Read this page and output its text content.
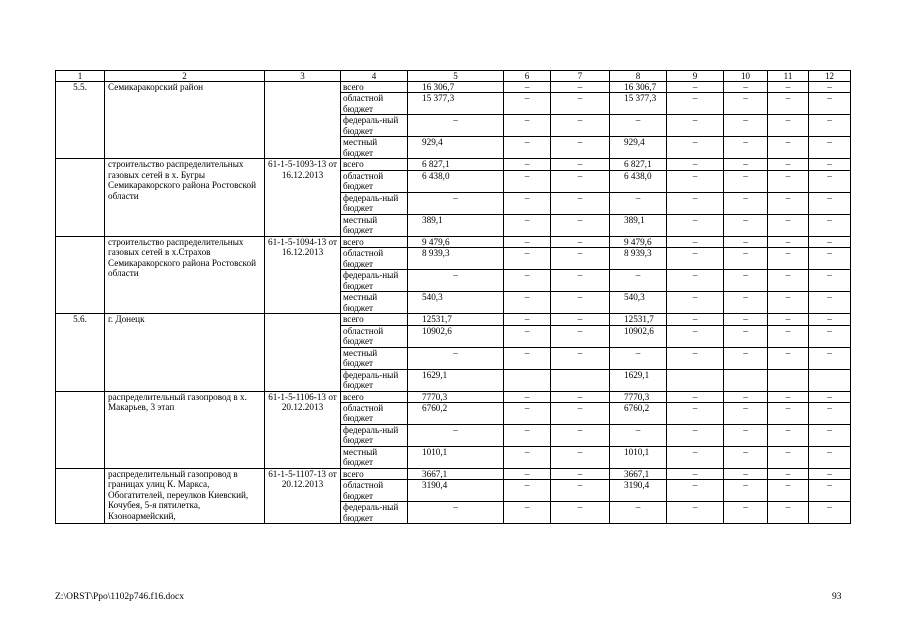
1	2	3	4	5	6	7	8	9	10	11	12
5.5.	Семикаракорский район		всего	16 306,7	–	–	16 306,7	–	–	–	–
			областной бюджет	15 377,3	–	–	15 377,3	–	–	–	–
			федераль-ный бюджет	–	–	–	–	–	–	–	–
			местный бюджет	929,4	–	–	929,4	–	–	–	–
	строительство распределительных газовых сетей в х. Бугры Семикаракорского района Ростовской области	61-1-5-1093-13 от 16.12.2013	всего	6 827,1	–	–	6 827,1	–	–	–	–
			областной бюджет	6 438,0	–	–	6 438,0	–	–	–	–
			федераль-ный бюджет	–	–	–	–	–	–	–	–
			местный бюджет	389,1	–	–	389,1	–	–	–	–
	строительство распределительных газовых сетей в х.Страхов Семикаракорского района Ростовской области	61-1-5-1094-13 от 16.12.2013	всего	9 479,6	–	–	9 479,6	–	–	–	–
			областной бюджет	8 939,3	–	–	8 939,3	–	–	–	–
			федераль-ный бюджет	–	–	–	–	–	–	–	–
			местный бюджет	540,3	–	–	540,3	–	–	–	–
5.6.	г. Донецк		всего	12531,7	–	–	12531,7	–	–	–	–
			областной бюджет	10902,6	–	–	10902,6	–	–	–	–
			местный бюджет	–	–	–	–	–	–	–	–
			федераль-ный бюджет	1629,1			1629,1				
	распределительный газопровод в х. Макарьев, 3 этап	61-1-5-1106-13 от 20.12.2013	всего	7770,3	–	–	7770,3	–	–	–	–
			областной бюджет	6760,2	–	–	6760,2	–	–	–	–
			федераль-ный бюджет	–	–	–	–	–	–	–	–
			местный бюджет	1010,1	–	–	1010,1	–	–	–	–
	распределительный газопровод в границах улиц К. Маркса, Обогатителей, переулков Киевский, Кочубея, 5-я пятилетка, Кзоноармейский,	61-1-5-1107-13 от 20.12.2013	всего	3667,1	–	–	3667,1	–	–	–	–
			областной бюджет	3190,4	–	–	3190,4	–	–	–	–
			федераль-ный бюджет	–	–	–	–	–	–	–	–
Z:\ORST\Ppo\1102p746.f16.docx	93
